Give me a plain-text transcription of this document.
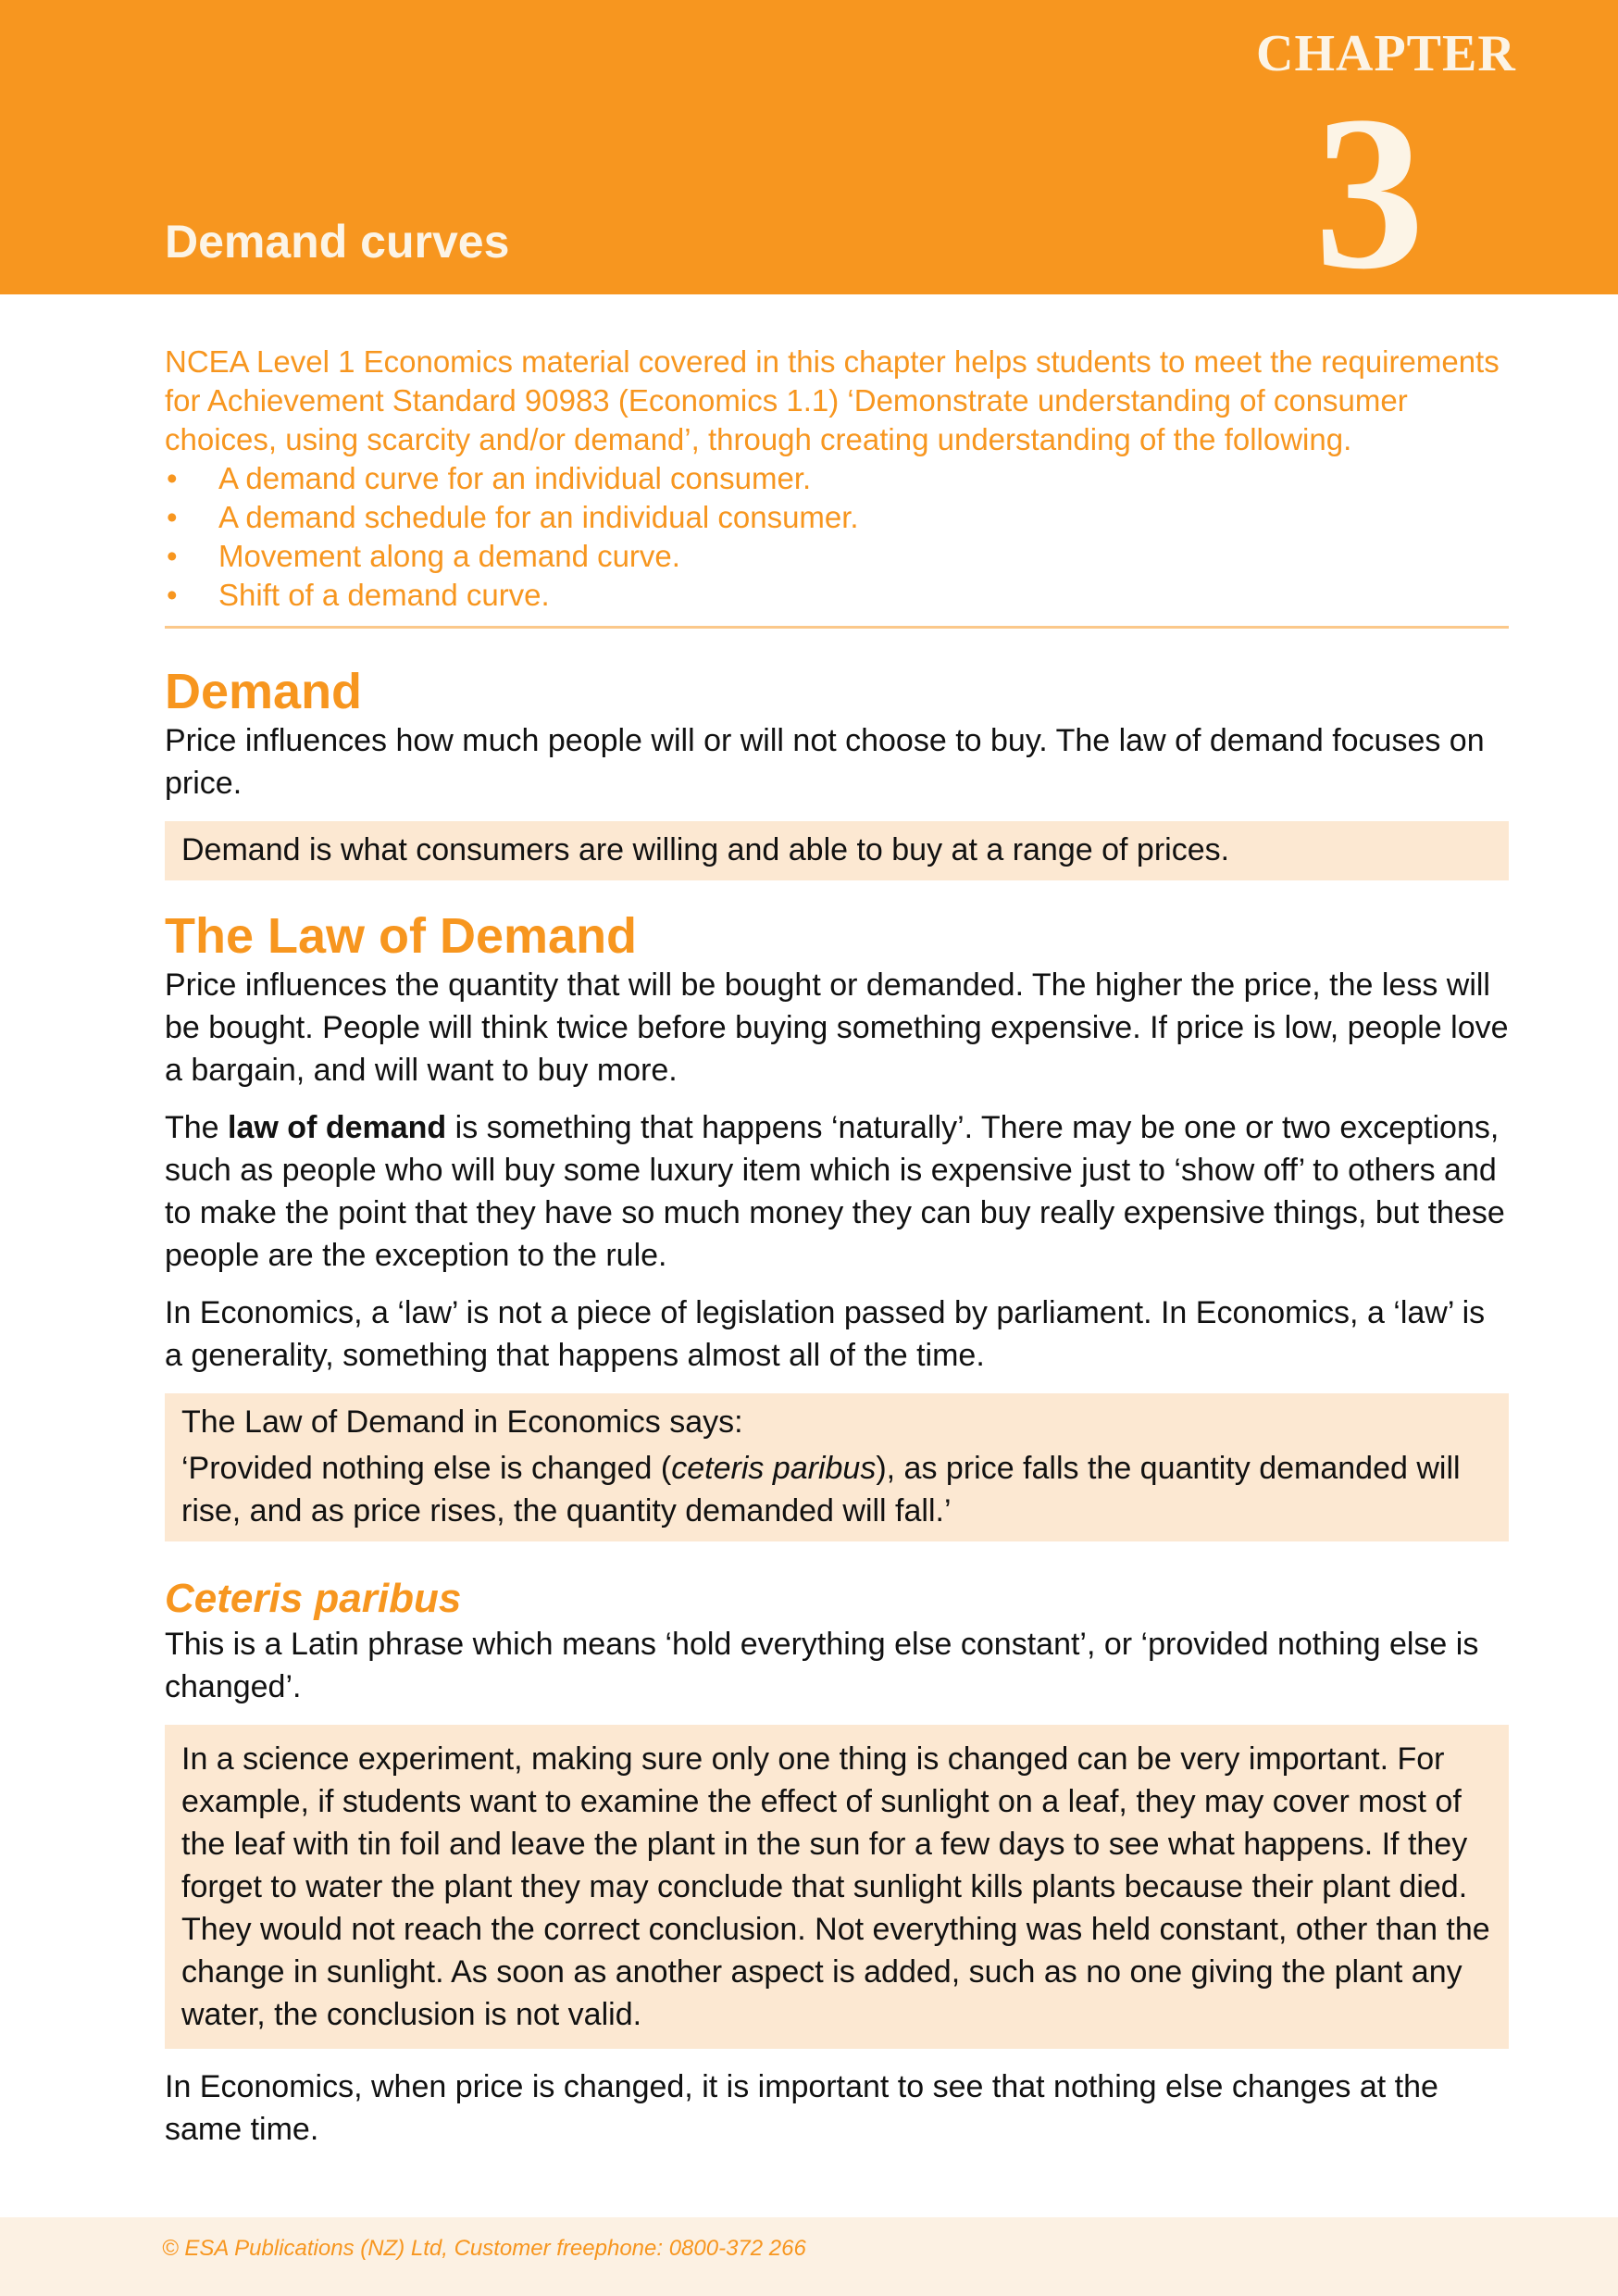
CHAPTER
3
Demand curves

NCEA Level 1 Economics material covered in this chapter helps students to meet the requirements for Achievement Standard 90983 (Economics 1.1) ‘Demonstrate understanding of consumer choices, using scarcity and/or demand’, through creating understanding of the following.

• A demand curve for an individual consumer.
• A demand schedule for an individual consumer.
• Movement along a demand curve.
• Shift of a demand curve.
Demand

Price influences how much people will or will not choose to buy. The law of demand focuses on price.

Demand is what consumers are willing and able to buy at a range of prices.

The Law of Demand

Price influences the quantity that will be bought or demanded. The higher the price, the less will be bought. People will think twice before buying something expensive. If price is low, people love a bargain, and will want to buy more.

The law of demand is something that happens ‘naturally’. There may be one or two exceptions, such as people who will buy some luxury item which is expensive just to ‘show off’ to others and to make the point that they have so much money they can buy really expensive things, but these people are the exception to the rule.

In Economics, a ‘law’ is not a piece of legislation passed by parliament. In Economics, a ‘law’ is a generality, something that happens almost all of the time.

The Law of Demand in Economics says:

‘Provided nothing else is changed (ceteris paribus), as price falls the quantity demanded will rise, and as price rises, the quantity demanded will fall.’

Ceteris paribus

This is a Latin phrase which means ‘hold everything else constant’, or ‘provided nothing else is changed’.

In a science experiment, making sure only one thing is changed can be very important. For example, if students want to examine the effect of sunlight on a leaf, they may cover most of the leaf with tin foil and leave the plant in the sun for a few days to see what happens. If they forget to water the plant they may conclude that sunlight kills plants because their plant died. They would not reach the correct conclusion. Not everything was held constant, other than the change in sunlight. As soon as another aspect is added, such as no one giving the plant any water, the conclusion is not valid.

In Economics, when price is changed, it is important to see that nothing else changes at the same time.

© ESA Publications (NZ) Ltd, Customer freephone: 0800-372 266
